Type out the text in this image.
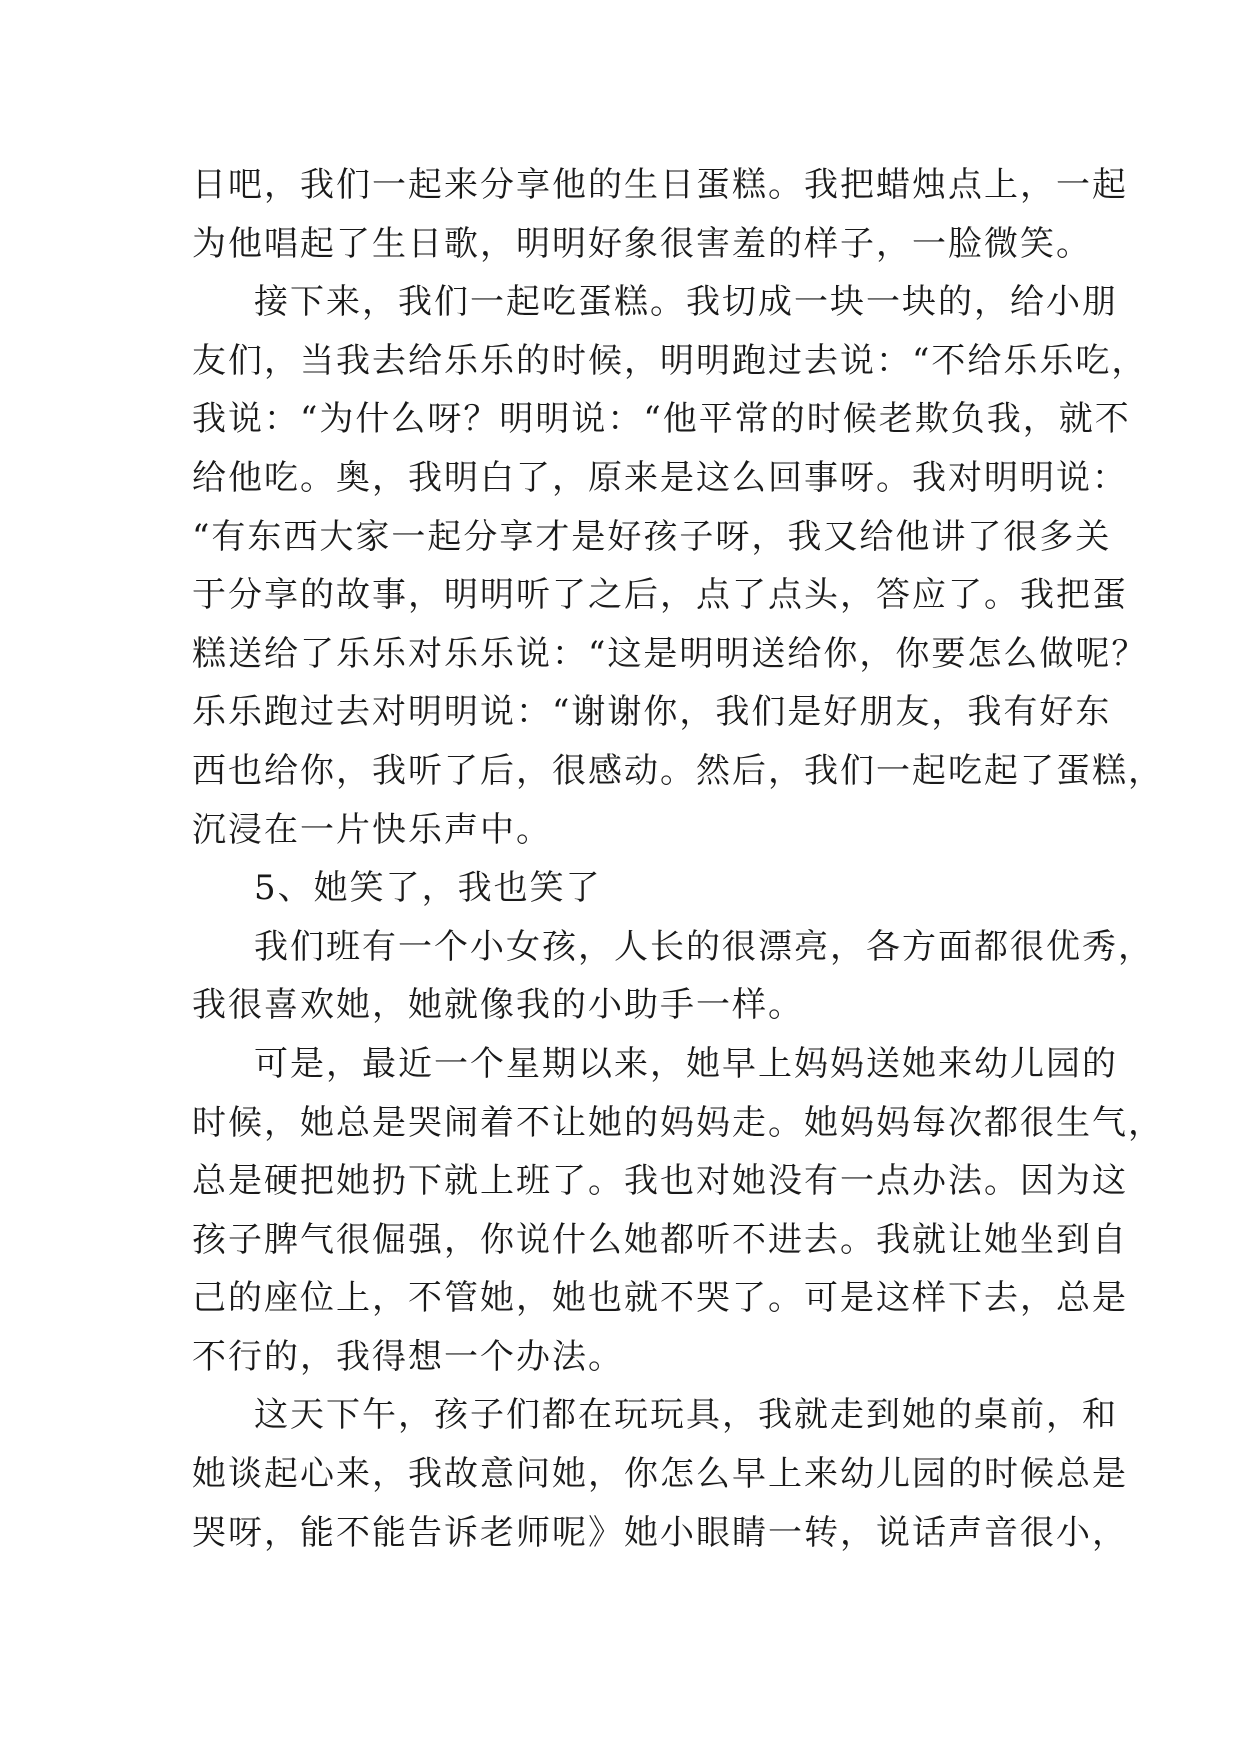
日吧，我们一起来分享他的生日蛋糕。我把蜡烛点上，一起
为他唱起了生日歌，明明好象很害羞的样子，一脸微笑。
接下来，我们一起吃蛋糕。我切成一块一块的，给小朋
友们，当我去给乐乐的时候，明明跑过去说：“不给乐乐吃，
我说：“为什么呀？明明说：“他平常的时候老欺负我，就不
给他吃。奥，我明白了，原来是这么回事呀。我对明明说：
“有东西大家一起分享才是好孩子呀，我又给他讲了很多关
于分享的故事，明明听了之后，点了点头，答应了。我把蛋
糕送给了乐乐对乐乐说：“这是明明送给你，你要怎么做呢？
乐乐跑过去对明明说：“谢谢你，我们是好朋友，我有好东
西也给你，我听了后，很感动。然后，我们一起吃起了蛋糕，
沉浸在一片快乐声中。
5、她笑了，我也笑了
我们班有一个小女孩，人长的很漂亮，各方面都很优秀，
我很喜欢她，她就像我的小助手一样。
可是，最近一个星期以来，她早上妈妈送她来幼儿园的
时候，她总是哭闹着不让她的妈妈走。她妈妈每次都很生气，
总是硬把她扔下就上班了。我也对她没有一点办法。因为这
孩子脾气很倔强，你说什么她都听不进去。我就让她坐到自
己的座位上，不管她，她也就不哭了。可是这样下去，总是
不行的，我得想一个办法。
这天下午，孩子们都在玩玩具，我就走到她的桌前，和
她谈起心来，我故意问她，你怎么早上来幼儿园的时候总是
哭呀，能不能告诉老师呢》她小眼睛一转，说话声音很小，
